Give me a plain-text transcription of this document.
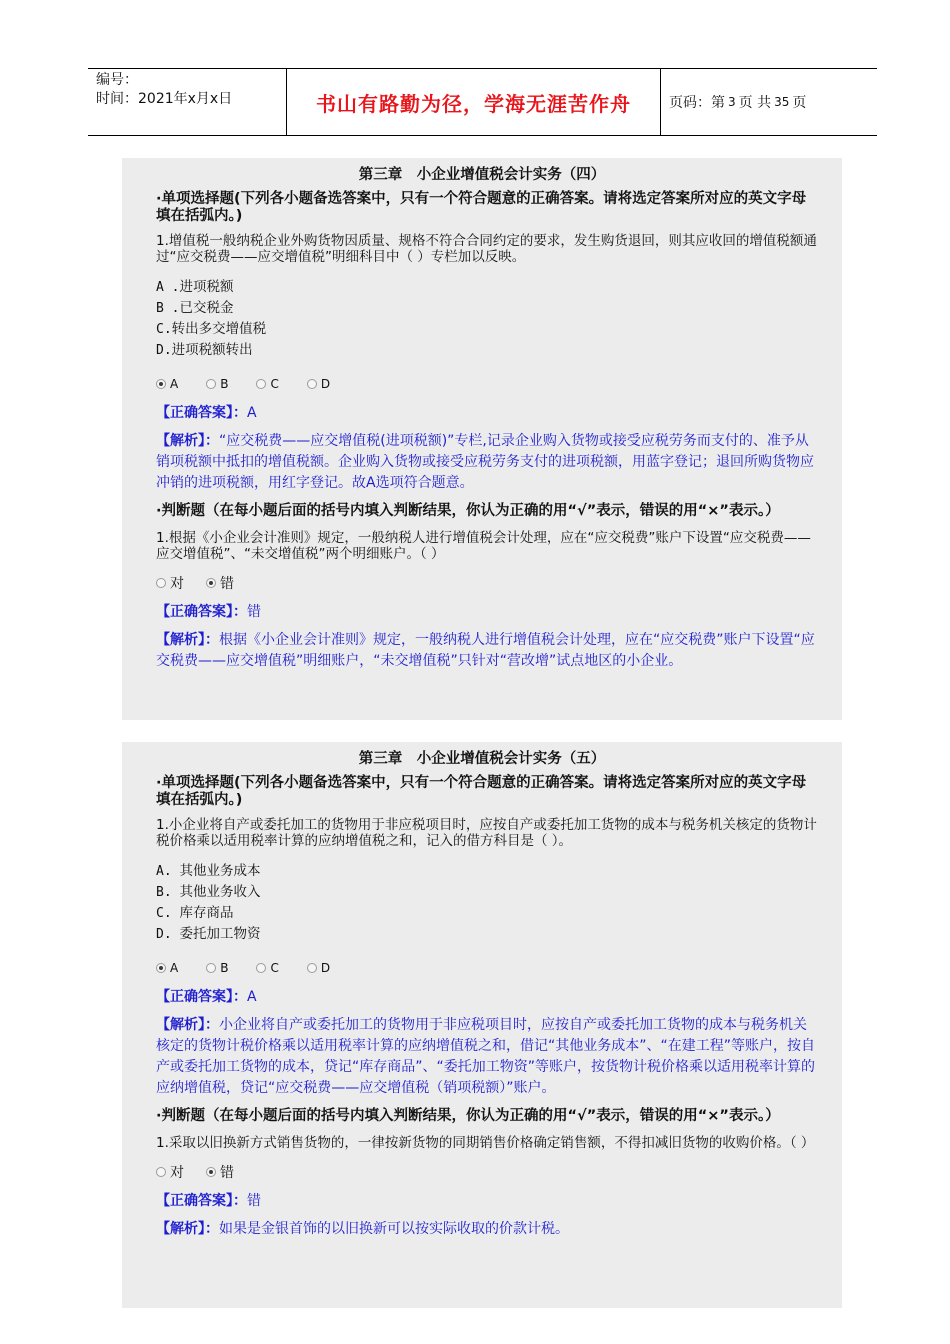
编号：
时间：2021年x月x日	书山有路勤为径，学海无涯苦作舟	页码：第 3 页 共 35 页
第三章　小企业增值税会计实务（四）
·单项选择题(下列各小题备选答案中，只有一个符合题意的正确答案。请将选定答案所对应的英文字母填在括弧内。)
1.增值税一般纳税企业外购货物因质量、规格不符合合同约定的要求，发生购货退回，则其应收回的增值税额通过“应交税费——应交增值税”明细科目中（ ）专栏加以反映。
A .进项税额
B .已交税金
C.转出多交增值税
D.进项税额转出
A	B	C	D
【正确答案】：A
【解析】：“应交税费——应交增值税(进项税额)”专栏,记录企业购入货物或接受应税劳务而支付的、准予从销项税额中抵扣的增值税额。企业购入货物或接受应税劳务支付的进项税额，用蓝字登记；退回所购货物应冲销的进项税额，用红字登记。故A选项符合题意。
·判断题（在每小题后面的括号内填入判断结果，你认为正确的用“√”表示，错误的用“×”表示。）
1.根据《小企业会计准则》规定，一般纳税人进行增值税会计处理，应在“应交税费”账户下设置“应交税费——应交增值税”、“未交增值税”两个明细账户。（ ）
对	错
【正确答案】：错
【解析】：根据《小企业会计准则》规定，一般纳税人进行增值税会计处理，应在“应交税费”账户下设置“应交税费——应交增值税”明细账户，“未交增值税”只针对“营改增”试点地区的小企业。
第三章　小企业增值税会计实务（五）
·单项选择题(下列各小题备选答案中，只有一个符合题意的正确答案。请将选定答案所对应的英文字母填在括弧内。)
1.小企业将自产或委托加工的货物用于非应税项目时，应按自产或委托加工货物的成本与税务机关核定的货物计税价格乘以适用税率计算的应纳增值税之和，记入的借方科目是（ ）。
A. 其他业务成本
B. 其他业务收入
C. 库存商品
D. 委托加工物资
A	B	C	D
【正确答案】：A
【解析】：小企业将自产或委托加工的货物用于非应税项目时，应按自产或委托加工货物的成本与税务机关核定的货物计税价格乘以适用税率计算的应纳增值税之和，借记“其他业务成本”、“在建工程”等账户，按自产或委托加工货物的成本，贷记“库存商品”、“委托加工物资”等账户，按货物计税价格乘以适用税率计算的应纳增值税，贷记“应交税费——应交增值税（销项税额）”账户。
·判断题（在每小题后面的括号内填入判断结果，你认为正确的用“√”表示，错误的用“×”表示。）
1.采取以旧换新方式销售货物的，一律按新货物的同期销售价格确定销售额，不得扣减旧货物的收购价格。（ ）
对	错
【正确答案】：错
【解析】：如果是金银首饰的以旧换新可以按实际收取的价款计税。
